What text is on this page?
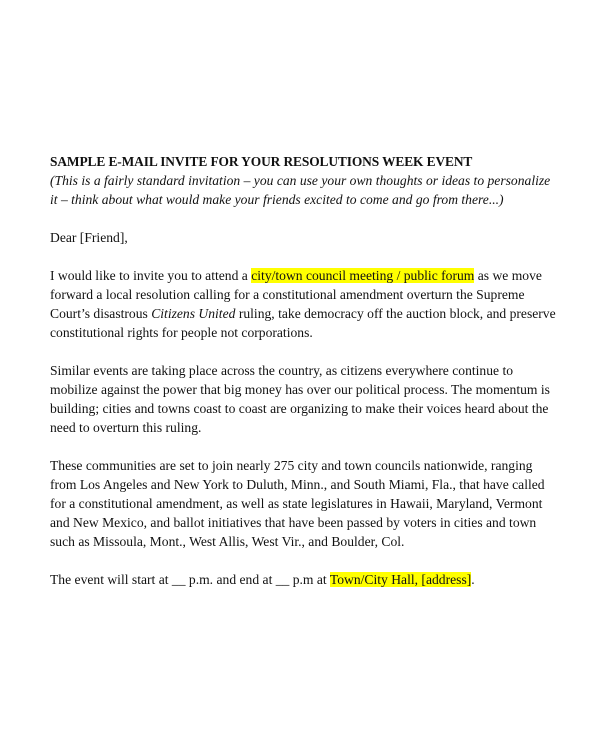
SAMPLE E-MAIL INVITE FOR YOUR RESOLUTIONS WEEK EVENT

(This is a fairly standard invitation – you can use your own thoughts or ideas to personalize it – think about what would make your friends excited to come and go from there...)

Dear [Friend],

I would like to invite you to attend a city/town council meeting / public forum as we move forward a local resolution calling for a constitutional amendment overturn the Supreme Court’s disastrous Citizens United ruling, take democracy off the auction block, and preserve constitutional rights for people not corporations.

Similar events are taking place across the country, as citizens everywhere continue to mobilize against the power that big money has over our political process. The momentum is building; cities and towns coast to coast are organizing to make their voices heard about the need to overturn this ruling.

These communities are set to join nearly 275 city and town councils nationwide, ranging from Los Angeles and New York to Duluth, Minn., and South Miami, Fla., that have called for a constitutional amendment, as well as state legislatures in Hawaii, Maryland, Vermont and New Mexico, and ballot initiatives that have been passed by voters in cities and town such as Missoula, Mont., West Allis, West Vir., and Boulder, Col.

The event will start at __ p.m. and end at __ p.m at Town/City Hall, [address].
